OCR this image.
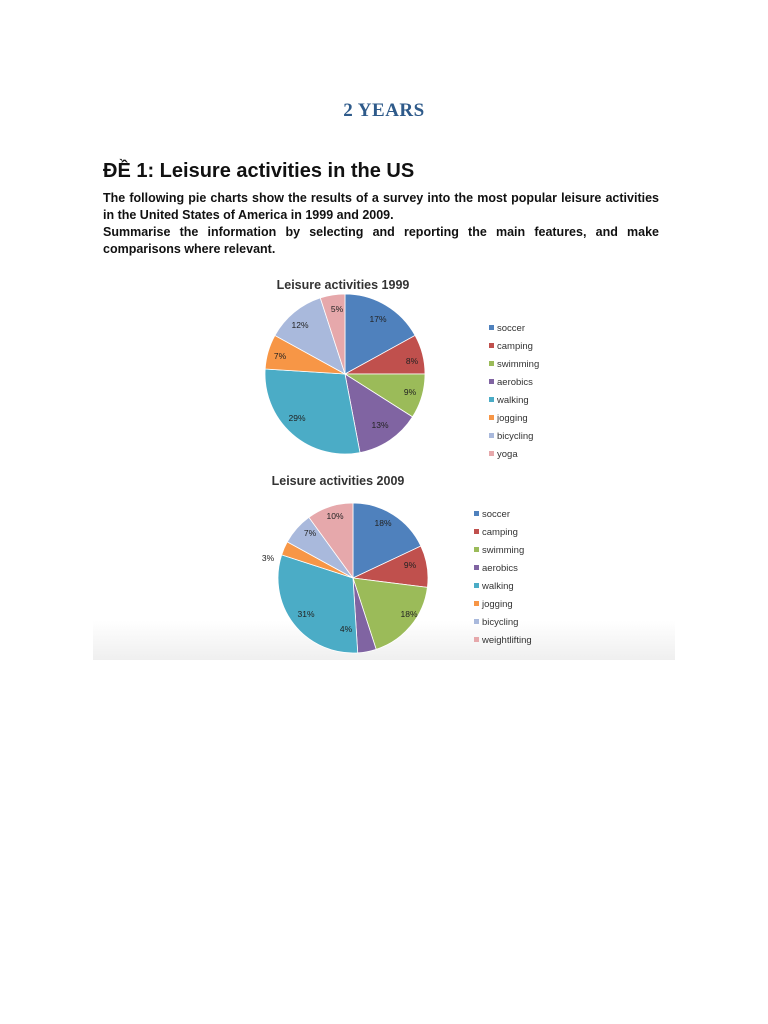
2 YEARS
ĐỀ 1: Leisure activities in the US

The following pie charts show the results of a survey into the most popular leisure activities in the United States of America in 1999 and 2009.

Summarise the information by selecting and reporting the main features, and make comparisons where relevant.

Leisure activities 1999
17%
8%
9%
13%
29%
7%
12%
5%
soccer
camping
swimming
aerobics
walking
jogging
bicycling
yoga
Leisure activities 2009
18%
9%
18%
4%
31%
3%
7%
10%	soccer
camping
swimming
aerobics
walking
jogging
bicycling
weightlifting
